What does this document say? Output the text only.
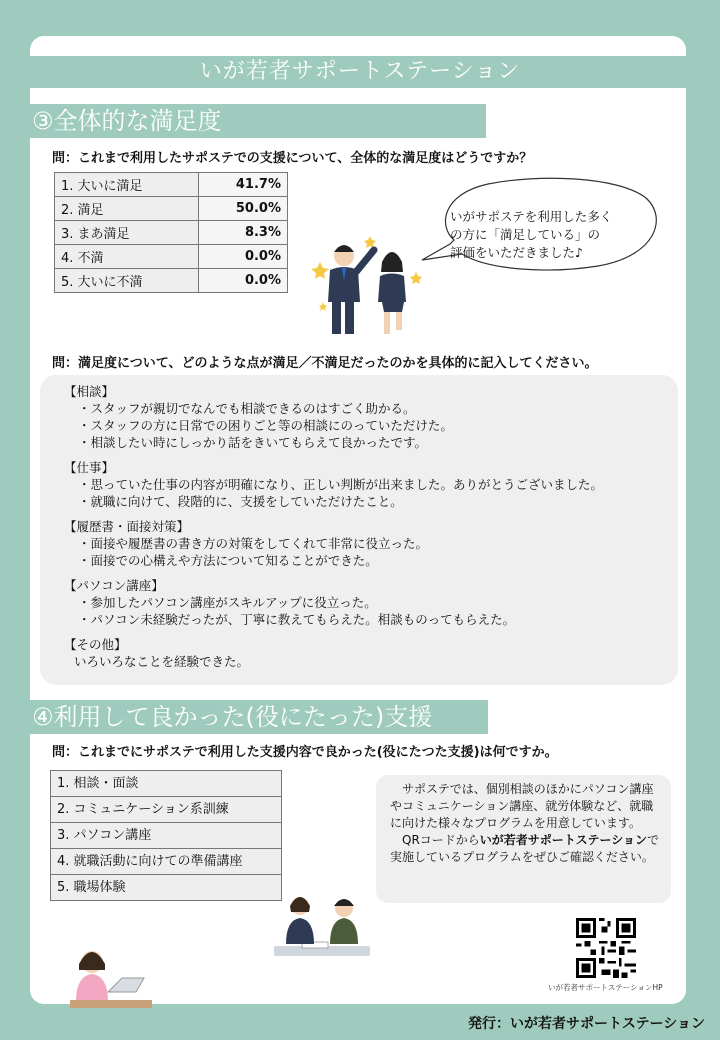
いが若者サポートステーション
③全体的な満足度
問：これまで利用したサポステでの支援について、全体的な満足度はどうですか？
1. 大いに満足	41.7%
2. 満足	50.0%
3. まあ満足	8.3%
4. 不満	0.0%
5. 大いに不満	0.0%
いがサポステを利用した多く
の方に「満足している」の
評価をいただきました♪
問：満足度について、どのような点が満足／不満足だったのかを具体的に記入してください。
【相談】
・スタッフが親切でなんでも相談できるのはすごく助かる。
・スタッフの方に日常での困りごと等の相談にのっていただけた。
・相談したい時にしっかり話をきいてもらえて良かったです。
【仕事】
・思っていた仕事の内容が明確になり、正しい判断が出来ました。ありがとうございました。
・就職に向けて、段階的に、支援をしていただけたこと。
【履歴書・面接対策】
・面接や履歴書の書き方の対策をしてくれて非常に役立った。
・面接での心構えや方法について知ることができた。
【パソコン講座】
・参加したパソコン講座がスキルアップに役立った。
・パソコン未経験だったが、丁寧に教えてもらえた。相談ものってもらえた。
【その他】
いろいろなことを経験できた。
④利用して良かった(役にたった)支援
問：これまでにサポステで利用した支援内容で良かった(役にたつた支援)は何ですか。
1. 相談・面談
2. コミュニケーション系訓練
3. パソコン講座
4. 就職活動に向けての準備講座
5. 職場体験
　サポステでは、個別相談のほかにパソコン講座やコミュニケーション講座、就労体験など、就職に向けた様々なプログラムを用意しています。
　QRコードからいが若者サポートステーションで実施しているプログラムをぜひご確認ください。
いが若者サポートステーションHP
発行：いが若者サポートステーション
